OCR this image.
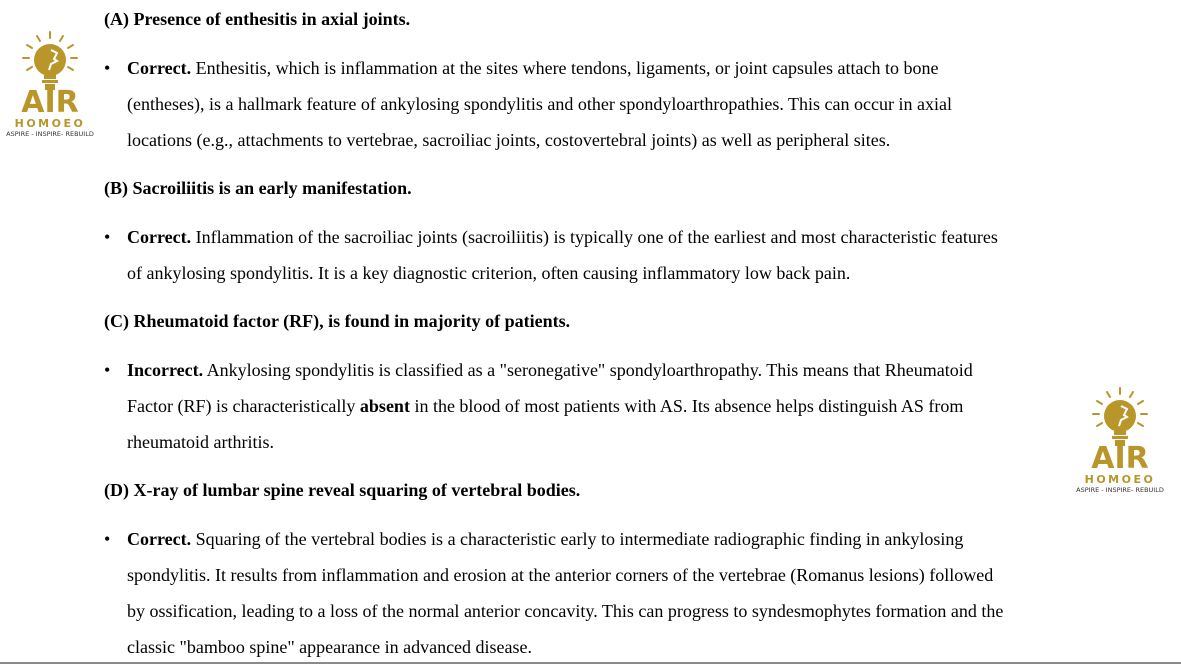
AIR
HOMOEO
ASPIRE - INSPIRE- REBUILD
AIR
HOMOEO
ASPIRE - INSPIRE- REBUILD
(A) Presence of enthesitis in axial joints.
• Correct. Enthesitis, which is inflammation at the sites where tendons, ligaments, or joint capsules attach to bone
(entheses), is a hallmark feature of ankylosing spondylitis and other spondyloarthropathies. This can occur in axial
locations (e.g., attachments to vertebrae, sacroiliac joints, costovertebral joints) as well as peripheral sites.
(B) Sacroiliitis is an early manifestation.
• Correct. Inflammation of the sacroiliac joints (sacroiliitis) is typically one of the earliest and most characteristic features
of ankylosing spondylitis. It is a key diagnostic criterion, often causing inflammatory low back pain.
(C) Rheumatoid factor (RF), is found in majority of patients.
• Incorrect. Ankylosing spondylitis is classified as a "seronegative" spondyloarthropathy. This means that Rheumatoid
Factor (RF) is characteristically absent in the blood of most patients with AS. Its absence helps distinguish AS from
rheumatoid arthritis.
(D) X-ray of lumbar spine reveal squaring of vertebral bodies.
• Correct. Squaring of the vertebral bodies is a characteristic early to intermediate radiographic finding in ankylosing
spondylitis. It results from inflammation and erosion at the anterior corners of the vertebrae (Romanus lesions) followed
by ossification, leading to a loss of the normal anterior concavity. This can progress to syndesmophytes formation and the
classic "bamboo spine" appearance in advanced disease.
